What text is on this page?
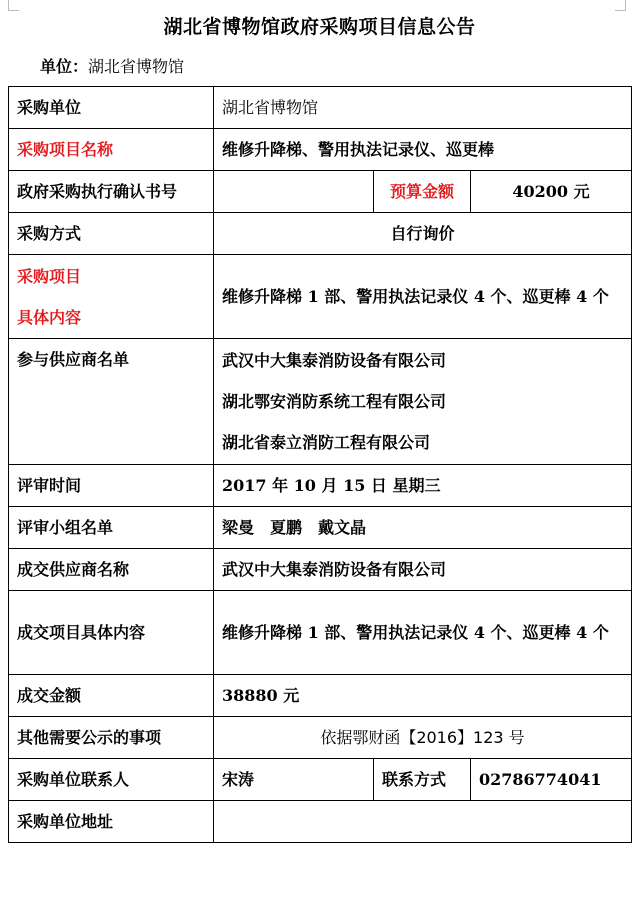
湖北省博物馆政府采购项目信息公告
单位：湖北省博物馆
采购单位	湖北省博物馆		
采购项目名称	维修升降梯、警用执法记录仪、巡更棒		
政府采购执行确认书号		预算金额	40200 元
采购方式	自行询价		

采购项目
具体内容	维修升降梯 1 部、警用执法记录仪 4 个、巡更棒 4 个		
参与供应商名单	武汉中大集泰消防设备有限公司
湖北鄂安消防系统工程有限公司
湖北省泰立消防工程有限公司		

评审时间	2017 年 10 月 15 日 星期三		
评审小组名单	梁曼　夏鹏　戴文晶		
成交供应商名称	武汉中大集泰消防设备有限公司		
成交项目具体内容	维修升降梯 1 部、警用执法记录仪 4 个、巡更棒 4 个		
成交金额	38880 元		
其他需要公示的事项	依据鄂财函【2016】123 号		
采购单位联系人	宋涛	联系方式	02786774041
采购单位地址			
